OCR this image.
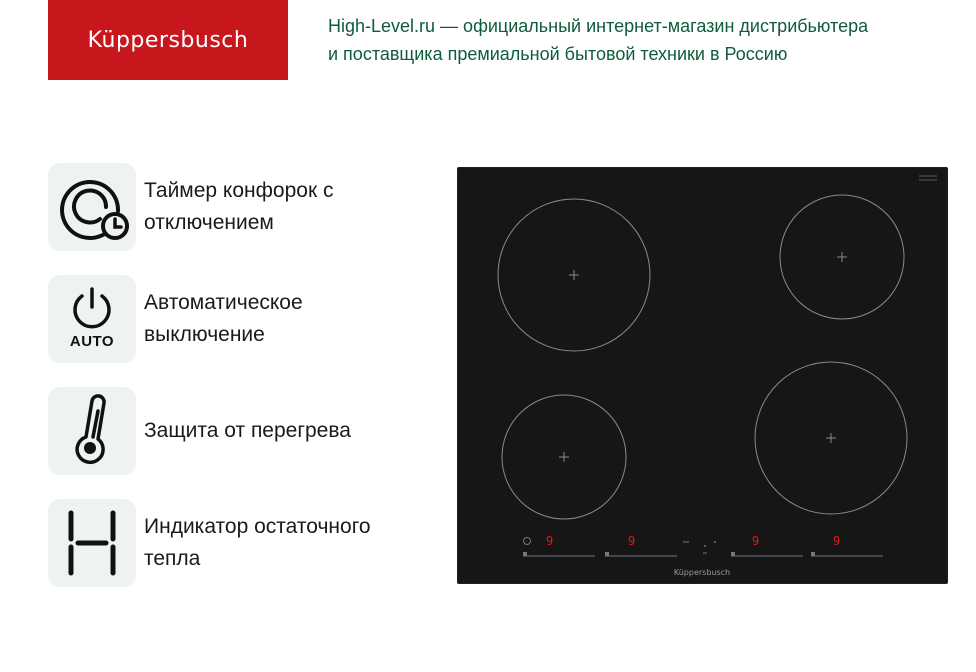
Küppersbusch
High-Level.ru — официальный интернет-магазин дистрибьютера
и поставщика премиальной бытовой техники в Россию
Таймер конфорок с
отключением
AUTO
Автоматическое
выключение
Защита от перегрева
Индикатор остаточного
тепла
9	9	9	9
Küppersbusch
